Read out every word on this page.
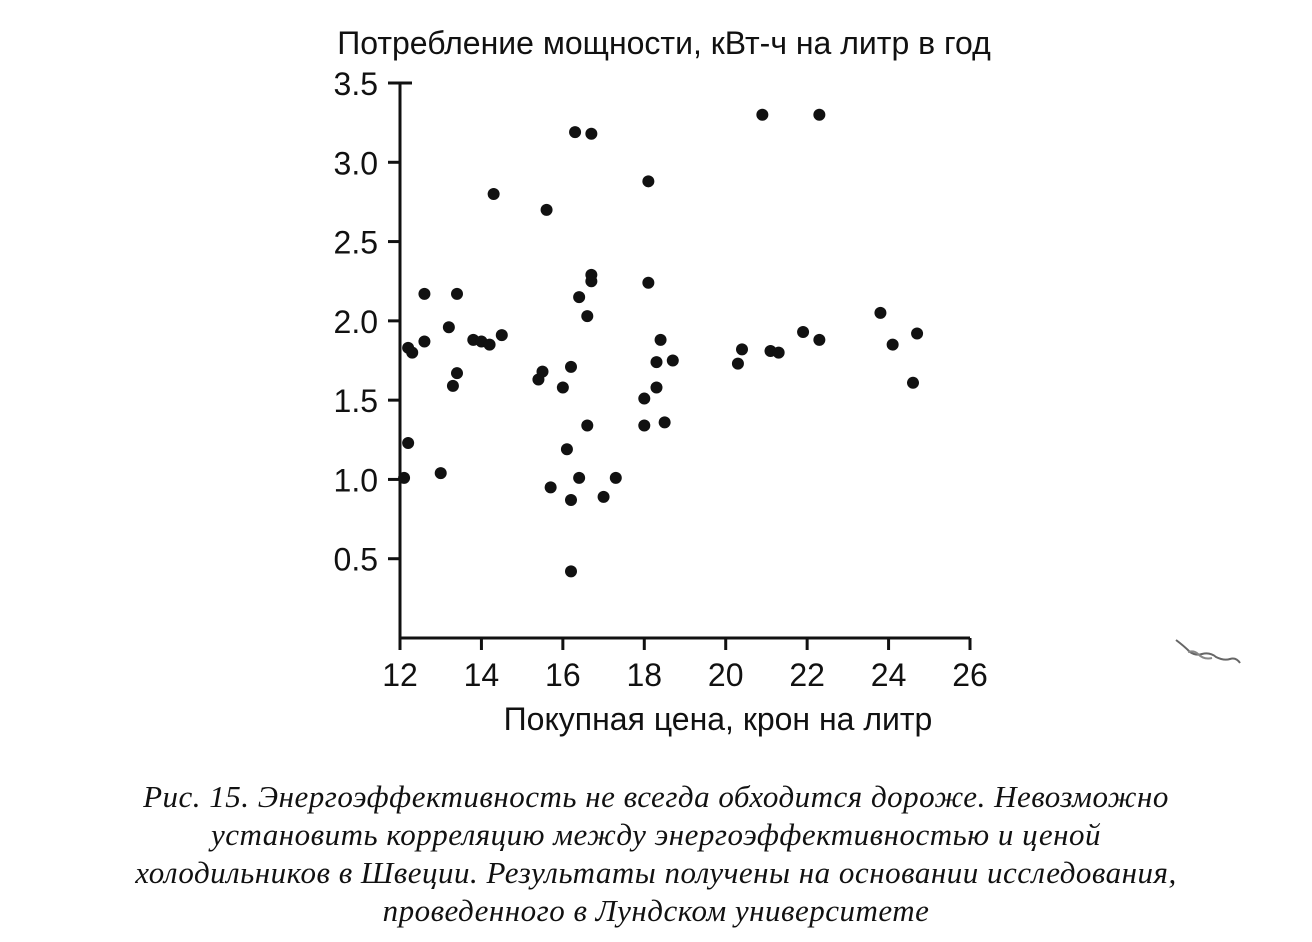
Потребление мощности, кВт-ч на литр в год
0.5
1.0
1.5
2.0
2.5
3.0
3.5
12 14 16 18 20 22 24 26
Покупная цена, крон на литр
Рис. 15. Энергоэффективность не всегда обходится дороже. Невозможно
установить корреляцию между энергоэффективностью и ценой
холодильников в Швеции. Результаты получены на основании исследования,
проведенного в Лундском университете
